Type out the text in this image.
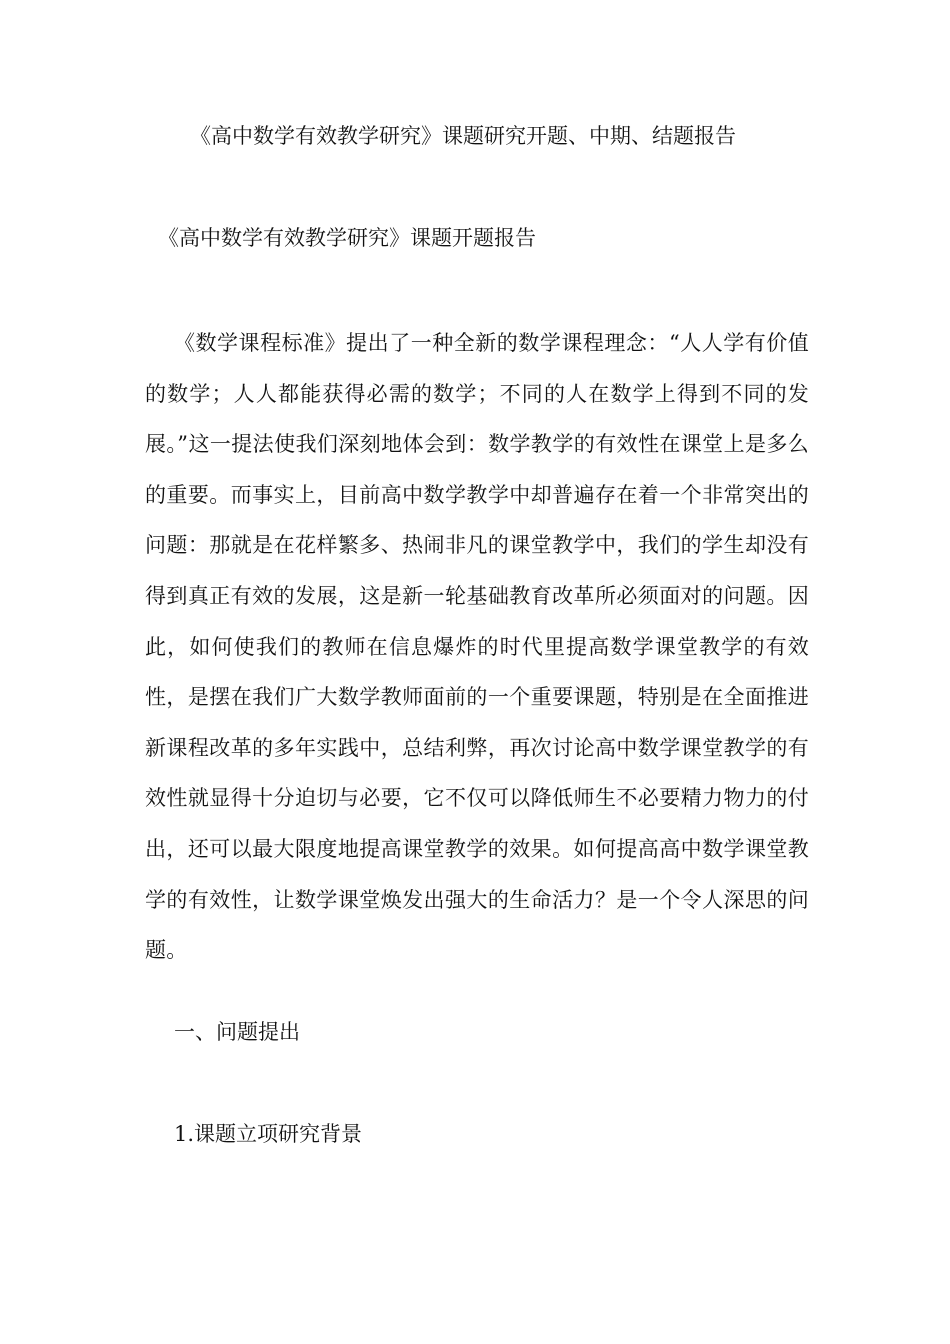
《高中数学有效教学研究》课题研究开题、中期、结题报告
《高中数学有效教学研究》课题开题报告

《数学课程标准》提出了一种全新的数学课程理念：“人人学有价值的数学；人人都能获得必需的数学；不同的人在数学上得到不同的发展。”这一提法使我们深刻地体会到：数学教学的有效性在课堂上是多么的重要。而事实上，目前高中数学教学中却普遍存在着一个非常突出的问题：那就是在花样繁多、热闹非凡的课堂教学中，我们的学生却没有得到真正有效的发展，这是新一轮基础教育改革所必须面对的问题。因此，如何使我们的教师在信息爆炸的时代里提高数学课堂教学的有效性，是摆在我们广大数学教师面前的一个重要课题，特别是在全面推进新课程改革的多年实践中，总结利弊，再次讨论高中数学课堂教学的有效性就显得十分迫切与必要，它不仅可以降低师生不必要精力物力的付出，还可以最大限度地提高课堂教学的效果。如何提高高中数学课堂教学的有效性，让数学课堂焕发出强大的生命活力？是一个令人深思的问题。

一、问题提出
1.课题立项研究背景
